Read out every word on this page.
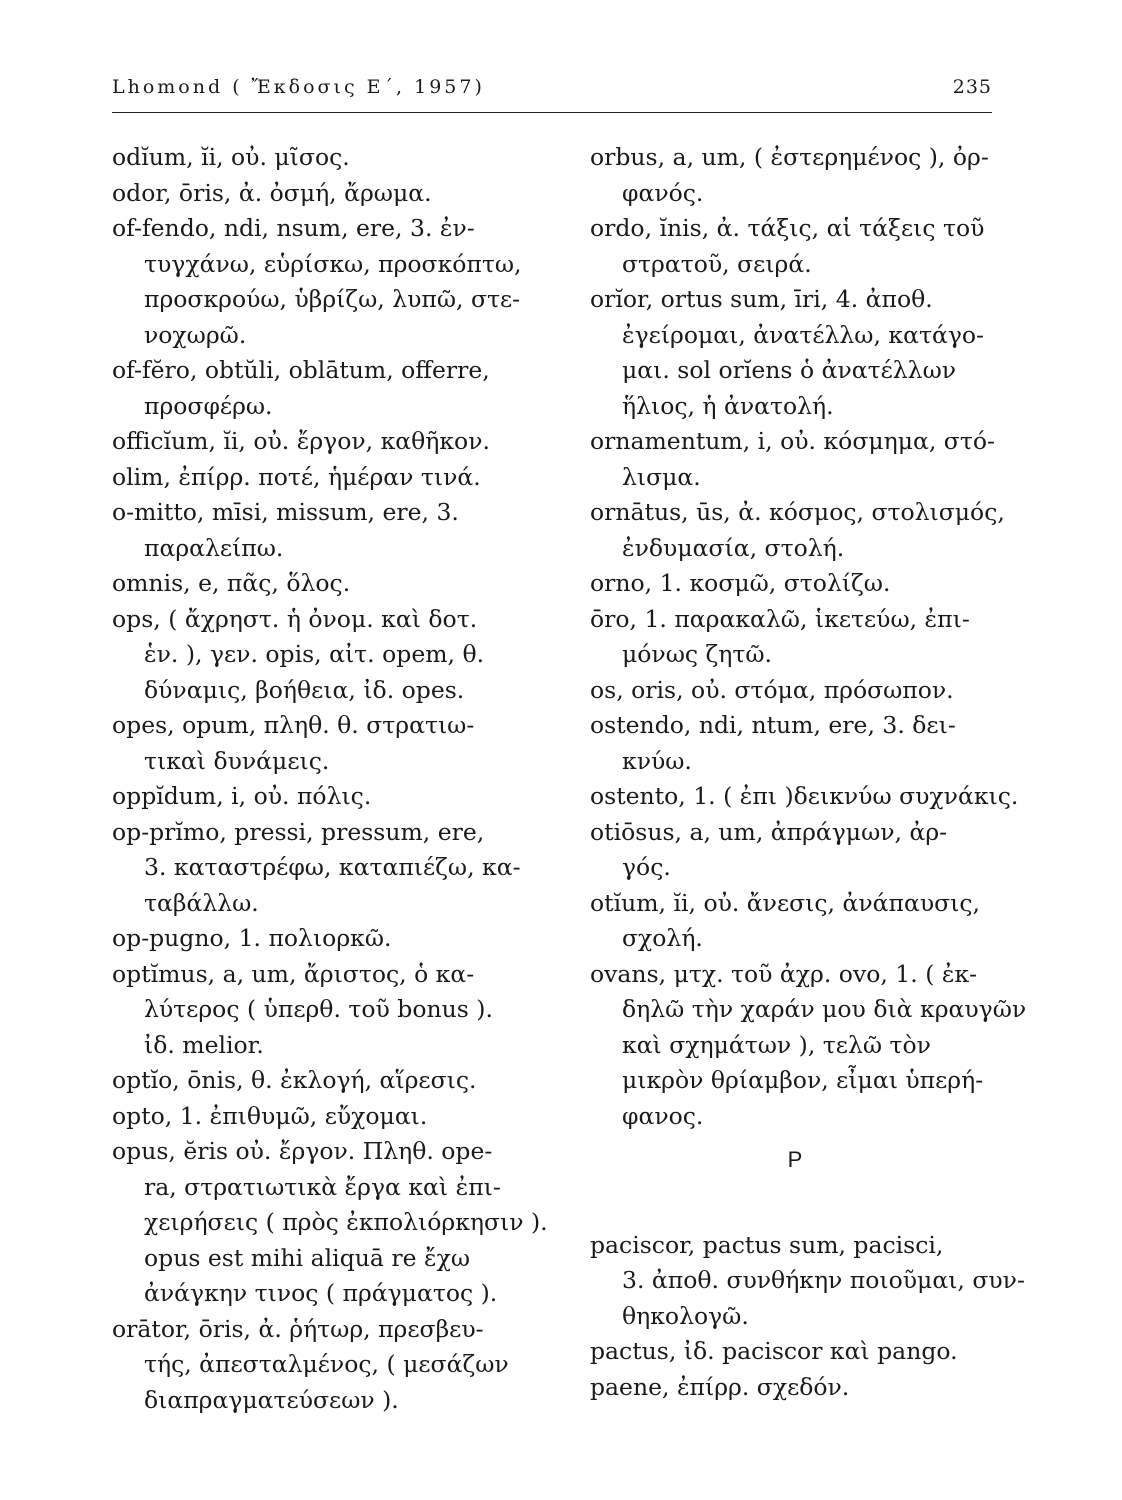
Lhomond ( Ἔκδοσις Ε΄, 1957)	235

odĭum, ĭi, οὐ. μῖσος.

odor, ōris, ἀ. ὀσμή, ἄρωμα.

of-fendo, ndi, nsum, ere, 3. ἐν-
τυγχάνω, εὑρίσκω, προσκόπτω,
προσκρούω, ὑβρίζω, λυπῶ, στε-
νοχωρῶ.

of-fĕro, obtŭli, oblātum, offerre,
προσφέρω.

officĭum, ĭi, οὐ. ἔργον, καθῆκον.

olim, ἐπίρρ. ποτέ, ἡμέραν τινά.

o-mitto, mīsi, missum, ere, 3.
παραλείπω.

omnis, e, πᾶς, ὅλος.

ops, ( ἄχρηστ. ἡ ὀνομ. καὶ δοτ.
ἑν. ), γεν. opis, αἰτ. opem, θ.
δύναμις, βοήθεια, ἰδ. opes.

opes, opum, πληθ. θ. στρατιω-
τικαὶ δυνάμεις.

oppĭdum, i, οὐ. πόλις.

op-prĭmo, pressi, pressum, ere,
3. καταστρέφω, καταπιέζω, κα-
ταβάλλω.

op-pugno, 1. πολιορκῶ.

optĭmus, a, um, ἄριστος, ὁ κα-
λύτερος ( ὑπερθ. τοῦ bonus ).
ἰδ. melior.

optĭo, ōnis, θ. ἐκλογή, αἵρεσις.

opto, 1. ἐπιθυμῶ, εὔχομαι.

opus, ĕris οὐ. ἔργον. Πληθ. ope-
ra, στρατιωτικὰ ἔργα καὶ ἐπι-
χειρήσεις ( πρὸς ἐκπολιόρκησιν ).
opus est mihi aliquā re ἔχω
ἀνάγκην τινος ( πράγματος ).

orātor, ōris, ἀ. ῥήτωρ, πρεσβευ-
τής, ἀπεσταλμένος, ( μεσάζων
διαπραγματεύσεων ).

orbus, a, um, ( ἐστερημένος ), ὀρ-
φανός.

ordo, ĭnis, ἀ. τάξις, αἱ τάξεις τοῦ
στρατοῦ, σειρά.

orĭor, ortus sum, īri, 4. ἀποθ.
ἐγείρομαι, ἀνατέλλω, κατάγο-
μαι. sol orĭens ὁ ἀνατέλλων
ἥλιος, ἡ ἀνατολή.

ornamentum, i, οὐ. κόσμημα, στό-
λισμα.

ornātus, ūs, ἀ. κόσμος, στολισμός,
ἐνδυμασία, στολή.

orno, 1. κοσμῶ, στολίζω.

ōro, 1. παρακαλῶ, ἱκετεύω, ἐπι-
μόνως ζητῶ.

os, oris, οὐ. στόμα, πρόσωπον.

ostendo, ndi, ntum, ere, 3. δει-
κνύω.

ostento, 1. ( ἐπι )δεικνύω συχνάκις.

otiōsus, a, um, ἀπράγμων, ἀρ-
γός.

otĭum, ĭi, οὐ. ἄνεσις, ἀνάπαυσις,
σχολή.

ovans, μτχ. τοῦ ἀχρ. ovo, 1. ( ἐκ-
δηλῶ τὴν χαράν μου διὰ κραυγῶν
καὶ σχημάτων ), τελῶ τὸν
μικρὸν θρίαμβον, εἶμαι ὑπερή-
φανος.

P

paciscor, pactus sum, pacisci,
3. ἀποθ. συνθήκην ποιοῦμαι, συν-
θηκολογῶ.

pactus, ἰδ. paciscor καὶ pango.

paene, ἐπίρρ. σχεδόν.
